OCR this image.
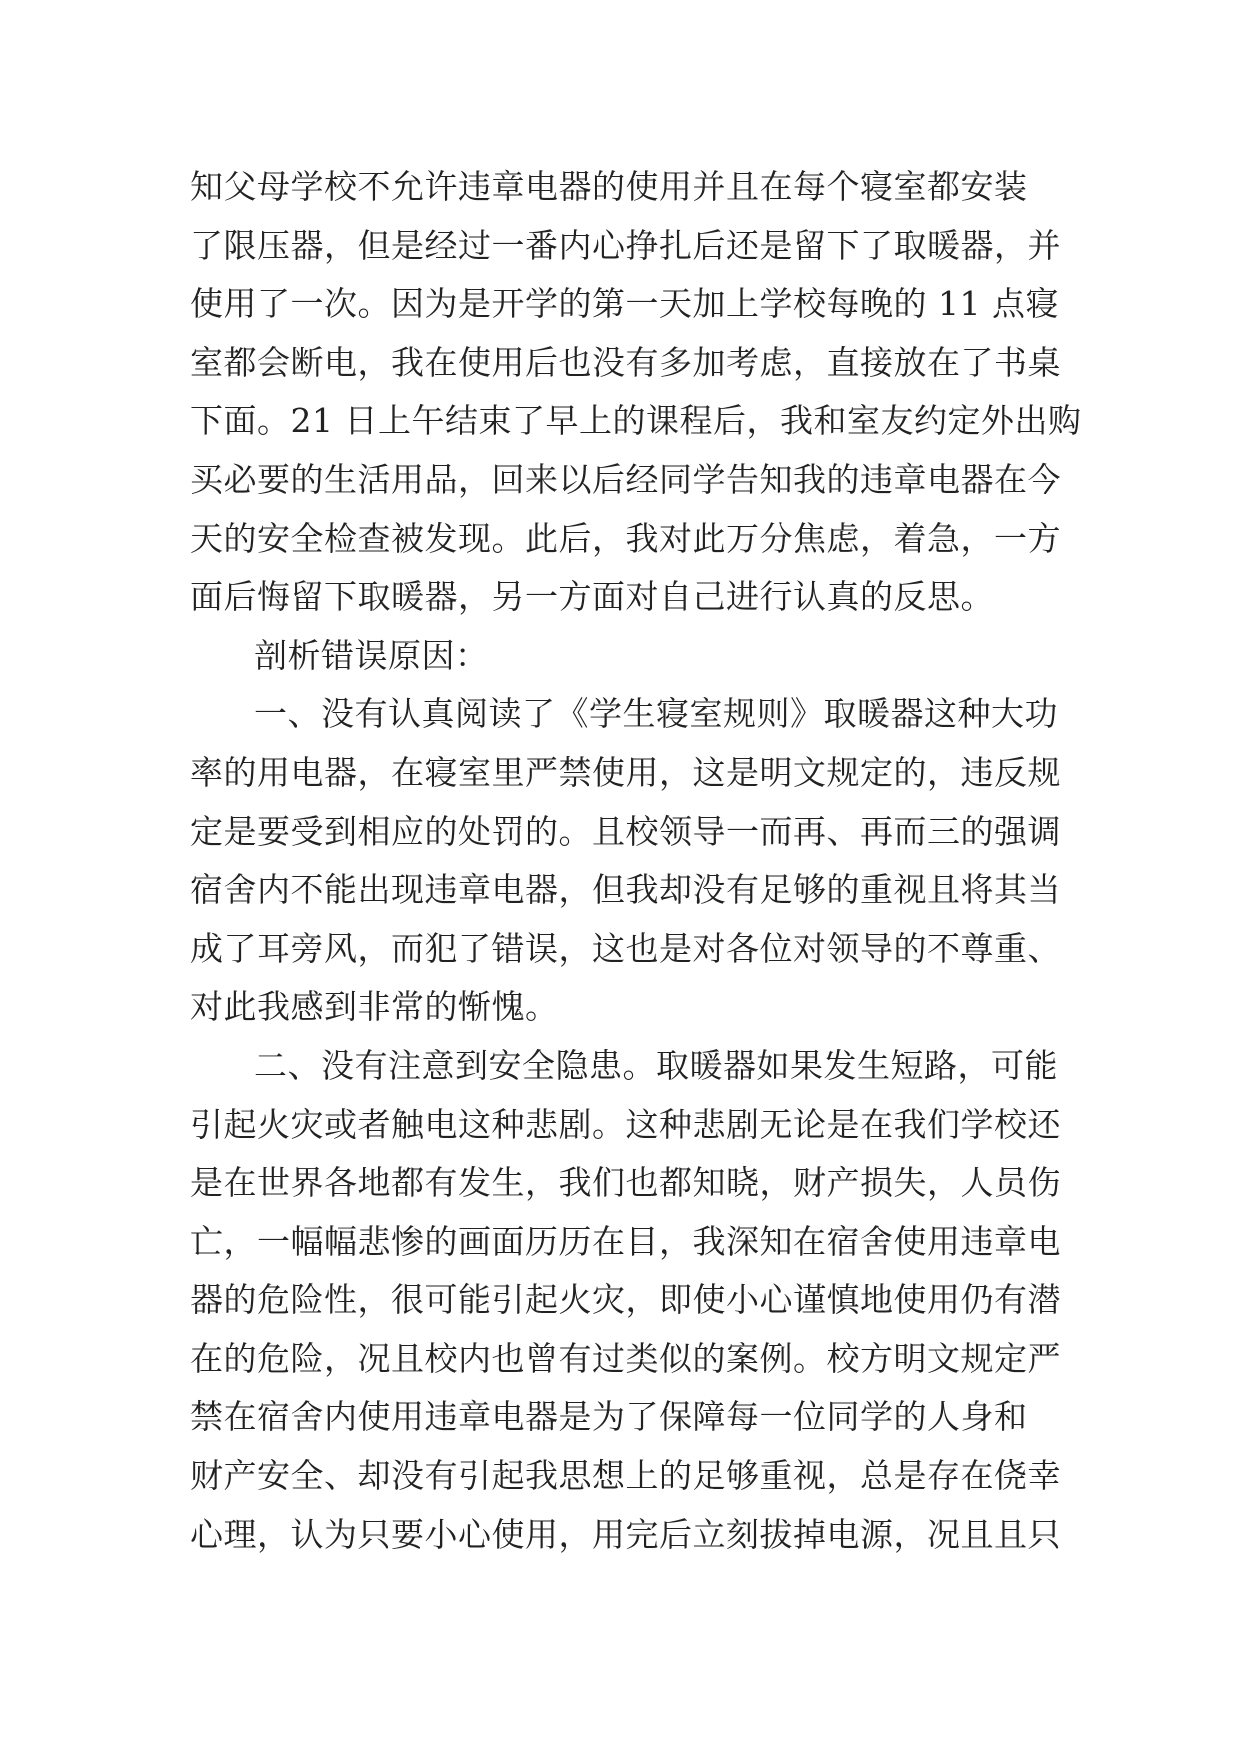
知父母学校不允许违章电器的使用并且在每个寝室都安装
了限压器，但是经过一番内心挣扎后还是留下了取暖器，并
使用了一次。因为是开学的第一天加上学校每晚的 11 点寝
室都会断电，我在使用后也没有多加考虑，直接放在了书桌
下面。21 日上午结束了早上的课程后，我和室友约定外出购
买必要的生活用品，回来以后经同学告知我的违章电器在今
天的安全检查被发现。此后，我对此万分焦虑，着急，一方
面后悔留下取暖器，另一方面对自己进行认真的反思。
剖析错误原因：
一、没有认真阅读了《学生寝室规则》取暖器这种大功
率的用电器，在寝室里严禁使用，这是明文规定的，违反规
定是要受到相应的处罚的。且校领导一而再、再而三的强调
宿舍内不能出现违章电器，但我却没有足够的重视且将其当
成了耳旁风，而犯了错误，这也是对各位对领导的不尊重、
对此我感到非常的惭愧。
二、没有注意到安全隐患。取暖器如果发生短路，可能
引起火灾或者触电这种悲剧。这种悲剧无论是在我们学校还
是在世界各地都有发生，我们也都知晓，财产损失，人员伤
亡，一幅幅悲惨的画面历历在目，我深知在宿舍使用违章电
器的危险性，很可能引起火灾，即使小心谨慎地使用仍有潜
在的危险，况且校内也曾有过类似的案例。校方明文规定严
禁在宿舍内使用违章电器是为了保障每一位同学的人身和
财产安全、却没有引起我思想上的足够重视，总是存在侥幸
心理，认为只要小心使用，用完后立刻拔掉电源，况且且只
